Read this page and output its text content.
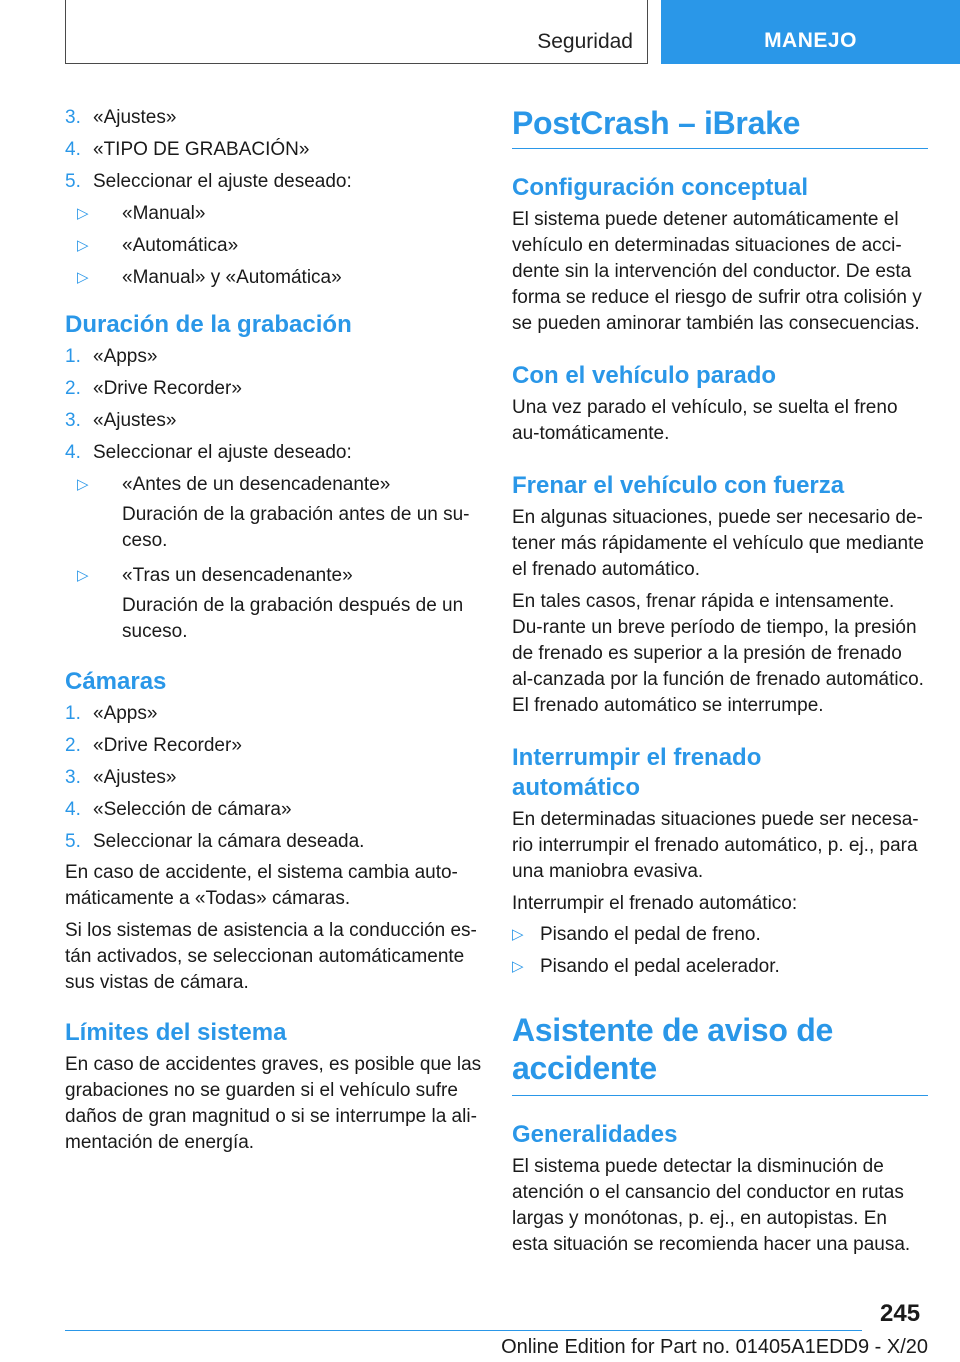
Seguridad	MANEJO
3. «Ajustes»
4. «TIPO DE GRABACIÓN»
5. Seleccionar el ajuste deseado:
▷ «Manual»
▷ «Automática»
▷ «Manual» y «Automática»
Duración de la grabación
1. «Apps»
2. «Drive Recorder»
3. «Ajustes»
4. Seleccionar el ajuste deseado:
▷ «Antes de un desencadenante»
Duración de la grabación antes de un su-ceso.
▷ «Tras un desencadenante»
Duración de la grabación después de un suceso.
Cámaras
1. «Apps»
2. «Drive Recorder»
3. «Ajustes»
4. «Selección de cámara»
5. Seleccionar la cámara deseada.

En caso de accidente, el sistema cambia auto-máticamente a «Todas» cámaras.

Si los sistemas de asistencia a la conducción es-tán activados, se seleccionan automáticamente sus vistas de cámara.

Límites del sistema

En caso de accidentes graves, es posible que las grabaciones no se guarden si el vehículo sufre daños de gran magnitud o si se interrumpe la ali-mentación de energía.

PostCrash – iBrake
Configuración conceptual

El sistema puede detener automáticamente el vehículo en determinadas situaciones de acci-dente sin la intervención del conductor. De esta forma se reduce el riesgo de sufrir otra colisión y se pueden aminorar también las consecuencias.

Con el vehículo parado

Una vez parado el vehículo, se suelta el freno au-tomáticamente.

Frenar el vehículo con fuerza

En algunas situaciones, puede ser necesario de-tener más rápidamente el vehículo que mediante el frenado automático.

En tales casos, frenar rápida e intensamente. Du-rante un breve período de tiempo, la presión de frenado es superior a la presión de frenado al-canzada por la función de frenado automático. El frenado automático se interrumpe.

Interrumpir el frenado
automático

En determinadas situaciones puede ser necesa-rio interrumpir el frenado automático, p. ej., para una maniobra evasiva.

Interrumpir el frenado automático:

▷ Pisando el pedal de freno.
▷ Pisando el pedal acelerador.
Asistente de aviso de
accidente
Generalidades

El sistema puede detectar la disminución de atención o el cansancio del conductor en rutas largas y monótonas, p. ej., en autopistas. En esta situación se recomienda hacer una pausa.

245
Online Edition for Part no. 01405A1EDD9 - X/20
